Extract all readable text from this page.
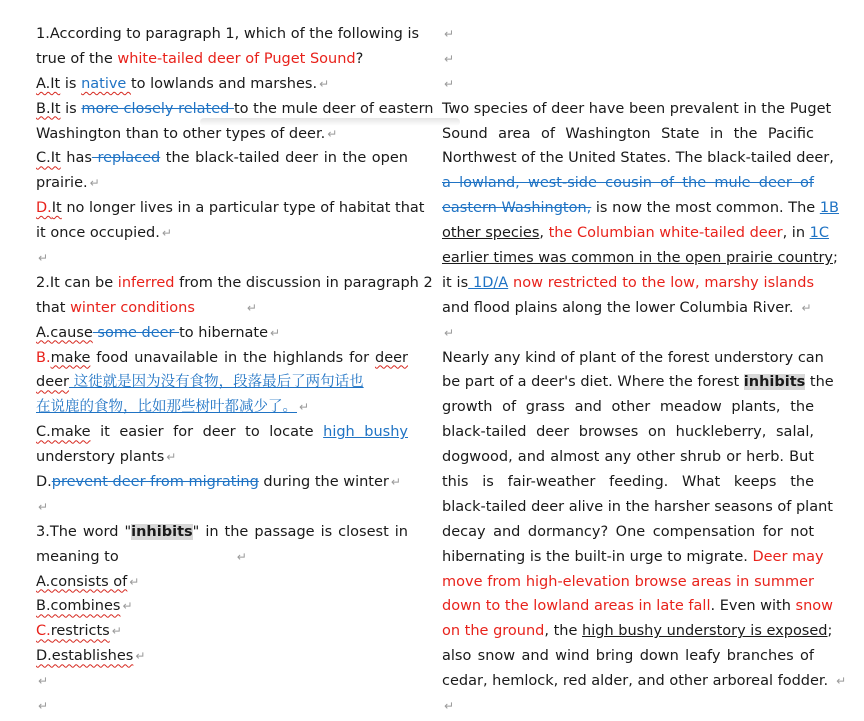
1.According to paragraph 1, which of the following is
true of the white-tailed deer of Puget Sound?
A.It is native to lowlands and marshes. ↵
B.It is more closely related to the mule deer of eastern
Washington than to other types of deer. ↵
C.It has replaced the black-tailed deer in the open
prairie. ↵
D.It no longer lives in a particular type of habitat that
it once occupied. ↵
↵
2.It can be inferred from the discussion in paragraph 2
that winter conditions	↵
A.cause some deer to hibernate ↵
B.make food unavailable in the highlands for deer
deer 这徙就是因为没有食物，段落最后了两句话也
在说鹿的食物，比如那些树叶都减少了。 ↵
C.make it easier for deer to locate high bushy
understory plants ↵
D.prevent deer from migrating during the winter ↵
↵
3.The word "inhibits" in the passage is closest in
meaning to	↵
A.consists of ↵
B.combines ↵
C.restricts ↵
D.establishes ↵
↵
↵
↵
↵
↵
Two species of deer have been prevalent in the Puget
Sound area of Washington State in the Pacific
Northwest of the United States. The black-tailed deer,
a lowland, west-side cousin of the mule deer of
eastern Washington, is now the most common. The 1B
other species, the Columbian white-tailed deer, in 1C
earlier times was common in the open prairie country;
it is 1D/A now restricted to the low, marshy islands
and flood plains along the lower Columbia River. ↵
↵
Nearly any kind of plant of the forest understory can
be part of a deer's diet. Where the forest inhibits the
growth of grass and other meadow plants, the
black-tailed deer browses on huckleberry, salal,
dogwood, and almost any other shrub or herb. But
this is fair-weather feeding. What keeps the
black-tailed deer alive in the harsher seasons of plant
decay and dormancy? One compensation for not
hibernating is the built-in urge to migrate. Deer may
move from high-elevation browse areas in summer
down to the lowland areas in late fall. Even with snow
on the ground, the high bushy understory is exposed;
also snow and wind bring down leafy branches of
cedar, hemlock, red alder, and other arboreal fodder. ↵
↵
